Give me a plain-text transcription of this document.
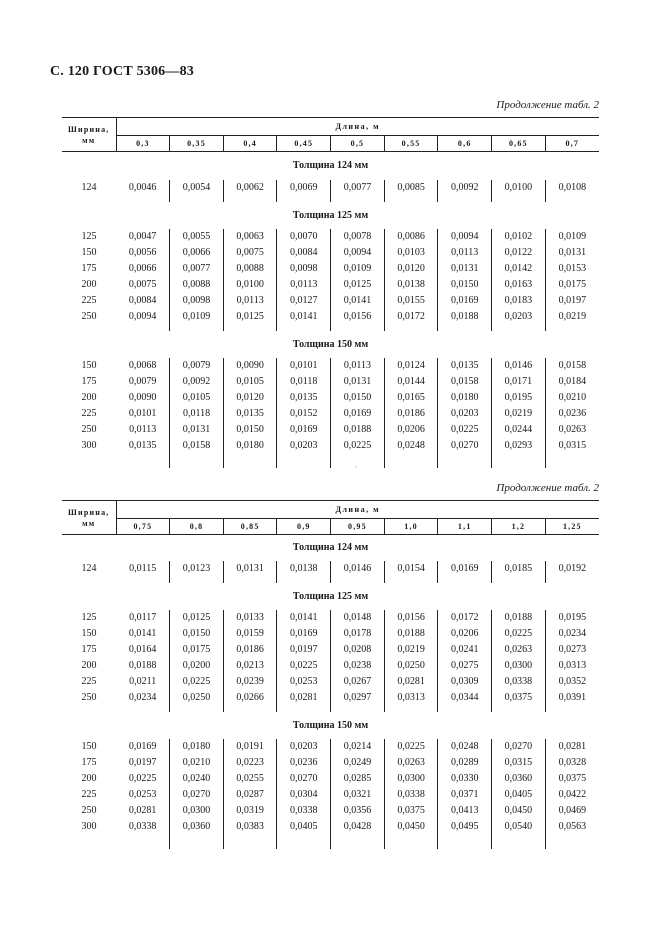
С. 120 ГОСТ 5306—83
Продолжение табл. 2
Ширина,
мм	Длина, м								
	0,3	0,35	0,4	0,45	0,5	0,55	0,6	0,65	0,7
Толщина 124 мм									
124	0,0046	0,0054	0,0062	0,0069	0,0077	0,0085	0,0092	0,0100	0,0108

Толщина 125 мм									
125	0,0047	0,0055	0,0063	0,0070	0,0078	0,0086	0,0094	0,0102	0,0109
150	0,0056	0,0066	0,0075	0,0084	0,0094	0,0103	0,0113	0,0122	0,0131
175	0,0066	0,0077	0,0088	0,0098	0,0109	0,0120	0,0131	0,0142	0,0153
200	0,0075	0,0088	0,0100	0,0113	0,0125	0,0138	0,0150	0,0163	0,0175
225	0,0084	0,0098	0,0113	0,0127	0,0141	0,0155	0,0169	0,0183	0,0197
250	0,0094	0,0109	0,0125	0,0141	0,0156	0,0172	0,0188	0,0203	0,0219

Толщина 150 мм									
150	0,0068	0,0079	0,0090	0,0101	0,0113	0,0124	0,0135	0,0146	0,0158
175	0,0079	0,0092	0,0105	0,0118	0,0131	0,0144	0,0158	0,0171	0,0184
200	0,0090	0,0105	0,0120	0,0135	0,0150	0,0165	0,0180	0,0195	0,0210
225	0,0101	0,0118	0,0135	0,0152	0,0169	0,0186	0,0203	0,0219	0,0236
250	0,0113	0,0131	0,0150	0,0169	0,0188	0,0206	0,0225	0,0244	0,0263
300	0,0135	0,0158	0,0180	0,0203	0,0225	0,0248	0,0270	0,0293	0,0315

Продолжение табл. 2
Ширина,
мм	Длина, м								
	0,75	0,8	0,85	0,9	0,95	1,0	1,1	1,2	1,25
Толщина 124 мм									
124	0,0115	0,0123	0,0131	0,0138	0,0146	0,0154	0,0169	0,0185	0,0192

Толщина 125 мм									
125	0,0117	0,0125	0,0133	0,0141	0,0148	0,0156	0,0172	0,0188	0,0195
150	0,0141	0,0150	0,0159	0,0169	0,0178	0,0188	0,0206	0,0225	0,0234
175	0,0164	0,0175	0,0186	0,0197	0,0208	0,0219	0,0241	0,0263	0,0273
200	0,0188	0,0200	0,0213	0,0225	0,0238	0,0250	0,0275	0,0300	0,0313
225	0,0211	0,0225	0,0239	0,0253	0,0267	0,0281	0,0309	0,0338	0,0352
250	0,0234	0,0250	0,0266	0,0281	0,0297	0,0313	0,0344	0,0375	0,0391

Толщина 150 мм									
150	0,0169	0,0180	0,0191	0,0203	0,0214	0,0225	0,0248	0,0270	0,0281
175	0,0197	0,0210	0,0223	0,0236	0,0249	0,0263	0,0289	0,0315	0,0328
200	0,0225	0,0240	0,0255	0,0270	0,0285	0,0300	0,0330	0,0360	0,0375
225	0,0253	0,0270	0,0287	0,0304	0,0321	0,0338	0,0371	0,0405	0,0422
250	0,0281	0,0300	0,0319	0,0338	0,0356	0,0375	0,0413	0,0450	0,0469
300	0,0338	0,0360	0,0383	0,0405	0,0428	0,0450	0,0495	0,0540	0,0563

·
